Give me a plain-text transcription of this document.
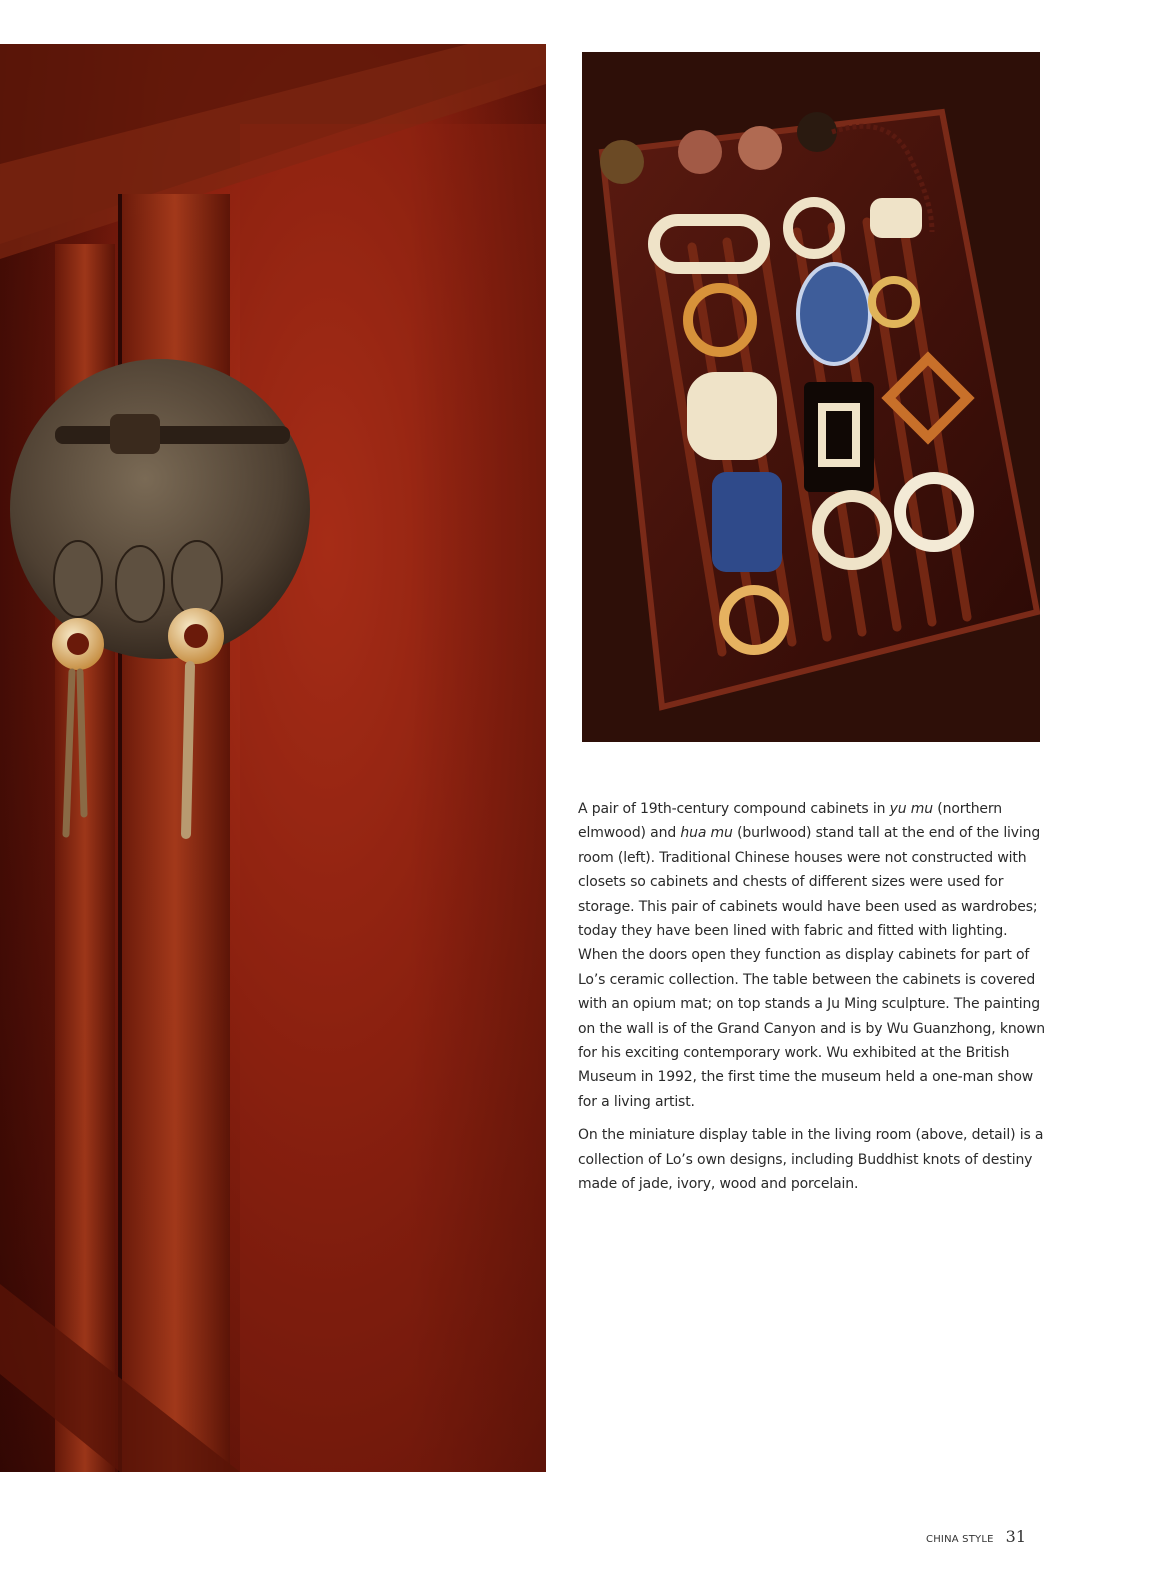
A pair of 19th-century compound cabinets in yu mu (northern elmwood) and hua mu (burlwood) stand tall at the end of the living room (left). Traditional Chinese houses were not constructed with closets so cabinets and chests of different sizes were used for storage. This pair of cabinets would have been used as wardrobes; today they have been lined with fabric and fitted with lighting. When the doors open they function as display cabinets for part of Lo’s ceramic collection. The table between the cabinets is covered with an opium mat; on top stands a Ju Ming sculpture. The painting on the wall is of the Grand Canyon and is by Wu Guanzhong, known for his exciting contemporary work. Wu exhibited at the British Museum in 1992, the first time the museum held a one-man show for a living artist.

On the miniature display table in the living room (above, detail) is a collection of Lo’s own designs, including Buddhist knots of destiny made of jade, ivory, wood and porcelain.

CHINA STYLE 31
